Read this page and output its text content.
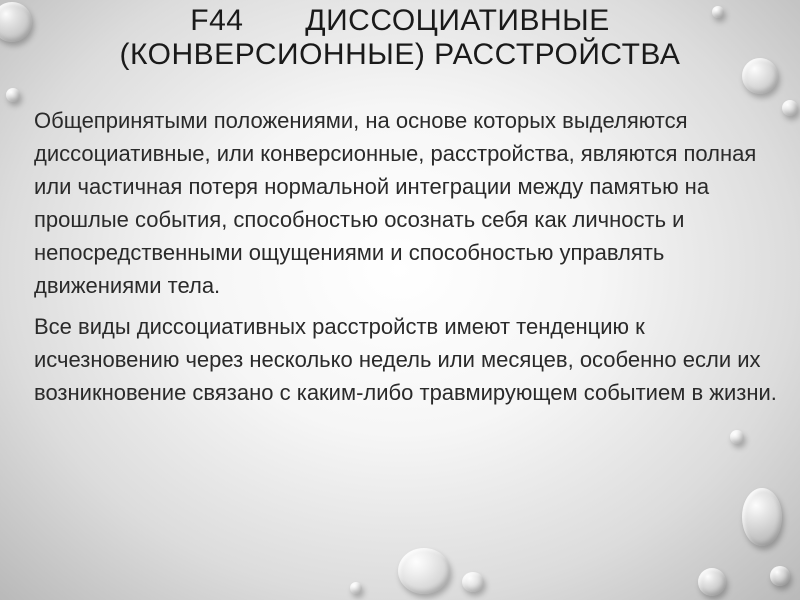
F44       ДИССОЦИАТИВНЫЕ
(КОНВЕРСИОННЫЕ) РАССТРОЙСТВА

Общепринятыми положениями, на основе которых выделяются диссоциативные, или конверсионные, расстройства, являются полная или частичная потеря нормальной интеграции между памятью на прошлые события, способностью осознать себя как личность и непосредственными ощущениями и способностью управлять движениями тела.

Все виды диссоциативных расстройств имеют тенденцию к исчезновению через несколько недель или месяцев, особенно если их возникновение связано с каким-либо травмирующем событием в жизни.
